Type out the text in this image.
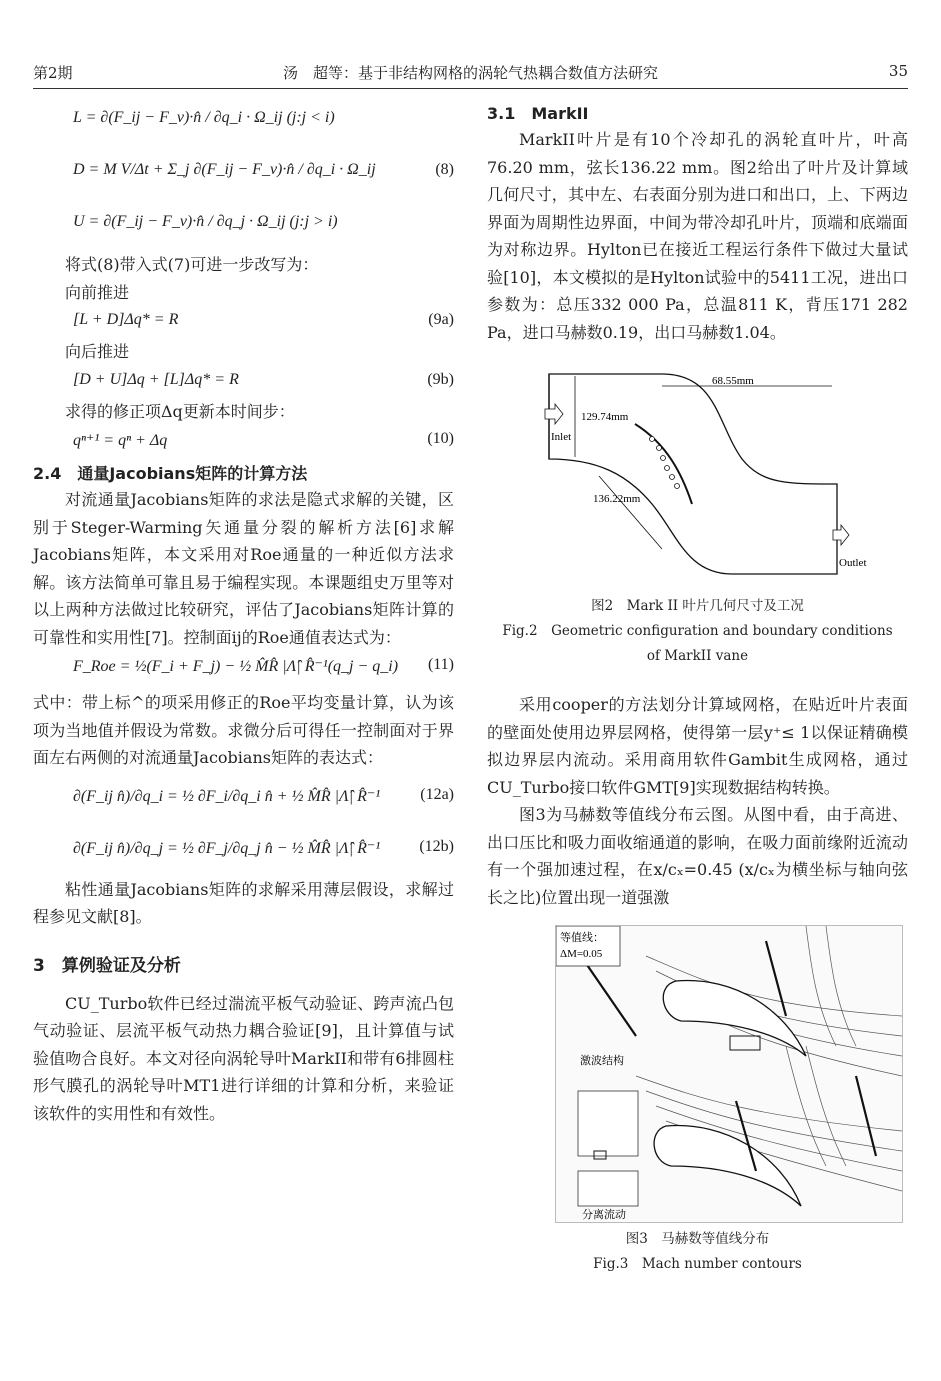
第2期	汤　超等：基于非结构网格的涡轮气热耦合数值方法研究	35
L = ∂(F_ij − F_v)·n̂ / ∂q_i · Ω_ij (j:j < i)
D = M V/Δt + Σ_j ∂(F_ij − F_v)·n̂ / ∂q_i · Ω_ij	(8)
U = ∂(F_ij − F_v)·n̂ / ∂q_j · Ω_ij (j:j > i)

将式(8)带入式(7)可进一步改写为：

向前推进

[L + D]Δq* = R	(9a)

向后推进

[D + U]Δq + [L]Δq* = R	(9b)

求得的修正项Δq更新本时间步：

qⁿ⁺¹ = qⁿ + Δq	(10)
2.4　通量Jacobians矩阵的计算方法

对流通量Jacobians矩阵的求法是隐式求解的关键，区别于Steger-Warming矢通量分裂的解析方法[6]求解Jacobians矩阵，本文采用对Roe通量的一种近似方法求解。该方法简单可靠且易于编程实现。本课题组史万里等对以上两种方法做过比较研究，评估了Jacobians矩阵计算的可靠性和实用性[7]。控制面ij的Roe通值表达式为：

F_Roe = ½(F_i + F_j) − ½ M̂R̂ |Λ̂| R̂⁻¹(q_j − q_i) (11)

式中：带上标^的项采用修正的Roe平均变量计算，认为该项为当地值并假设为常数。求微分后可得任一控制面对于界面左右两侧的对流通量Jacobians矩阵的表达式：

∂(F_ij n̂)/∂q_i = ½ ∂F_i/∂q_i n̂ + ½ M̂R̂ |Λ̂| R̂⁻¹	(12a)
∂(F_ij n̂)/∂q_j = ½ ∂F_j/∂q_j n̂ − ½ M̂R̂ |Λ̂| R̂⁻¹ (12b)

粘性通量Jacobians矩阵的求解采用薄层假设，求解过程参见文献[8]。

3　算例验证及分析

CU_Turbo软件已经过湍流平板气动验证、跨声流凸包气动验证、层流平板气动热力耦合验证[9]，且计算值与试验值吻合良好。本文对径向涡轮导叶MarkII和带有6排圆柱形气膜孔的涡轮导叶MT1进行详细的计算和分析，来验证该软件的实用性和有效性。

3.1　MarkII

MarkII叶片是有10个冷却孔的涡轮直叶片，叶高76.20 mm，弦长136.22 mm。图2给出了叶片及计算域几何尺寸，其中左、右表面分别为进口和出口，上、下两边界面为周期性边界面，中间为带冷却孔叶片，顶端和底端面为对称边界。Hylton已在接近工程运行条件下做过大量试验[10]，本文模拟的是Hylton试验中的5411工况，进出口参数为：总压332 000 Pa，总温811 K，背压171 282 Pa，进口马赫数0.19，出口马赫数1.04。

68.55mm
129.74mm
136.22mm
Inlet
Outlet
图2　Mark II 叶片几何尺寸及工况
Fig.2　Geometric configuration and boundary conditions of MarkII vane

采用cooper的方法划分计算域网格，在贴近叶片表面的壁面处使用边界层网格，使得第一层y⁺≤ 1以保证精确模拟边界层内流动。采用商用软件Gambit生成网格，通过CU_Turbo接口软件GMT[9]实现数据结构转换。

图3为马赫数等值线分布云图。从图中看，由于高进、出口压比和吸力面收缩通道的影响，在吸力面前缘附近流动有一个强加速过程，在x/cₓ=0.45 (x/cₓ为横坐标与轴向弦长之比)位置出现一道强激

等值线：
ΔM=0.05
激波结构
分离流动
图3　马赫数等值线分布
Fig.3　Mach number contours
